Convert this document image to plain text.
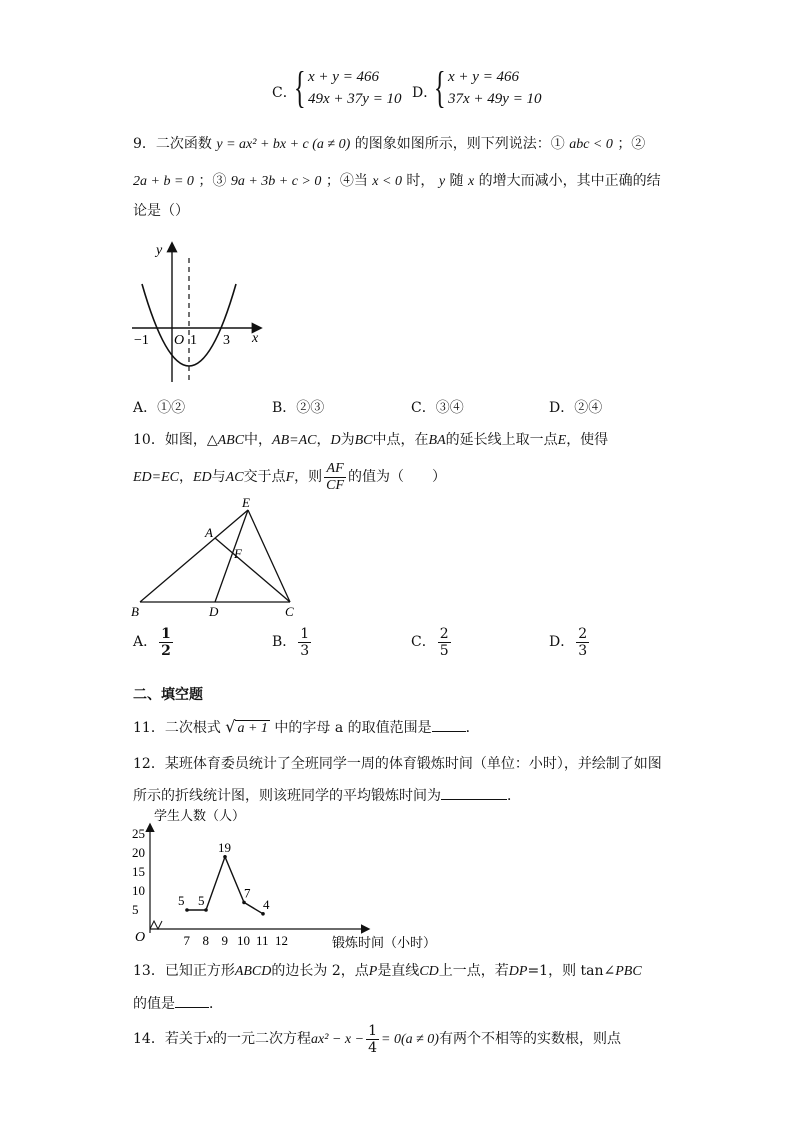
C．
{ x + y = 466
49x + 37y = 10 D．
{ x + y = 466
37x + 49y = 10
9．二次函数 y = ax² + bx + c (a ≠ 0) 的图象如图所示，则下列说法：① abc < 0 ；②
2a + b = 0 ；③ 9a + 3b + c > 0 ；④当 x < 0 时， y 随 x 的增大而减小，其中正确的结
论是（）
y
x
O
−1	1 3
A．①②	B．②③	C．③④	D．②④
10．如图，△ABC中，AB=AC，D为BC中点，在BA的延长线上取一点E，使得
ED=EC，ED与AC交于点F，则 $\frac{AF}{CF}$ 的值为（　　）
E
A
F
B	D	C
A． $\frac{1}{2}$	B． $\frac{1}{3}$	C． $\frac{2}{5}$	D． $\frac{2}{3}$
二、填空题
11．二次根式 √ a + 1 中的字母 a 的取值范围是 ．
12．某班体育委员统计了全班同学一周的体育锻炼时间（单位：小时），并绘制了如图
所示的折线统计图，则该班同学的平均锻炼时间为	．
学生人数（人）
锻炼时间（小时）
O
5
10
15
20
25
7 8 9 10 11 12
5 5
19
7
4
13．已知正方形ABCD的边长为 2，点P是直线CD上一点，若DP=1，则 tan∠PBC
的值是 ．
14．若关于x的一元二次方程$ax^2 - x - \frac{1}{4} = 0(a \ne 0)$有两个不相等的实数根，则点
